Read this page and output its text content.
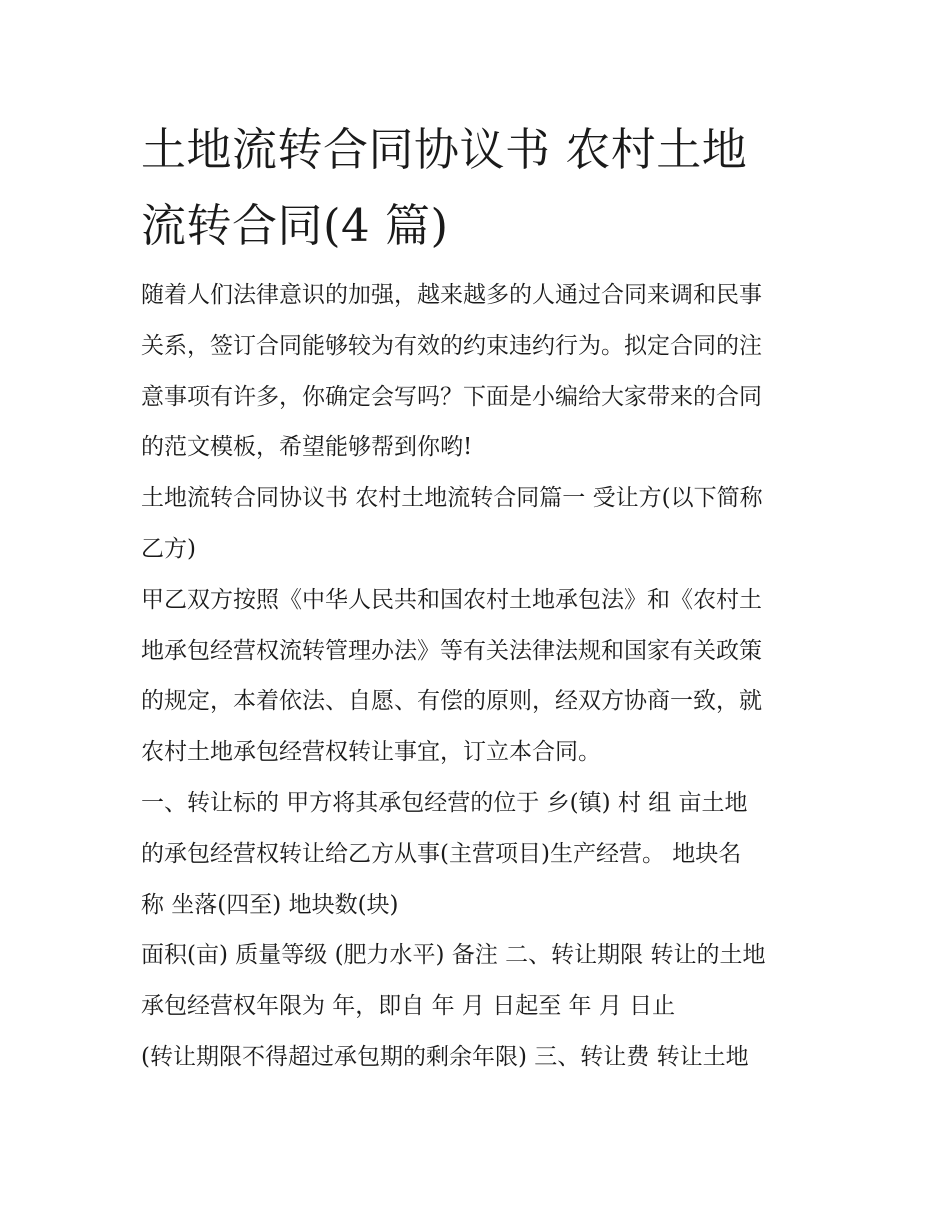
土地流转合同协议书 农村土地
流转合同(4 篇)

随着人们法律意识的加强，越来越多的人通过合同来调和民事

关系，签订合同能够较为有效的约束违约行为。拟定合同的注

意事项有许多，你确定会写吗？下面是小编给大家带来的合同

的范文模板，希望能够帮到你哟!

土地流转合同协议书 农村土地流转合同篇一 受让方(以下简称

乙方)

甲乙双方按照《中华人民共和国农村土地承包法》和《农村土

地承包经营权流转管理办法》等有关法律法规和国家有关政策

的规定，本着依法、自愿、有偿的原则，经双方协商一致，就

农村土地承包经营权转让事宜，订立本合同。

一、转让标的 甲方将其承包经营的位于 乡(镇) 村 组 亩土地

的承包经营权转让给乙方从事(主营项目)生产经营。 地块名

称 坐落(四至) 地块数(块)

面积(亩) 质量等级 (肥力水平) 备注 二、转让期限 转让的土地

承包经营权年限为 年，即自 年 月 日起至 年 月 日止

(转让期限不得超过承包期的剩余年限) 三、转让费 转让土地
